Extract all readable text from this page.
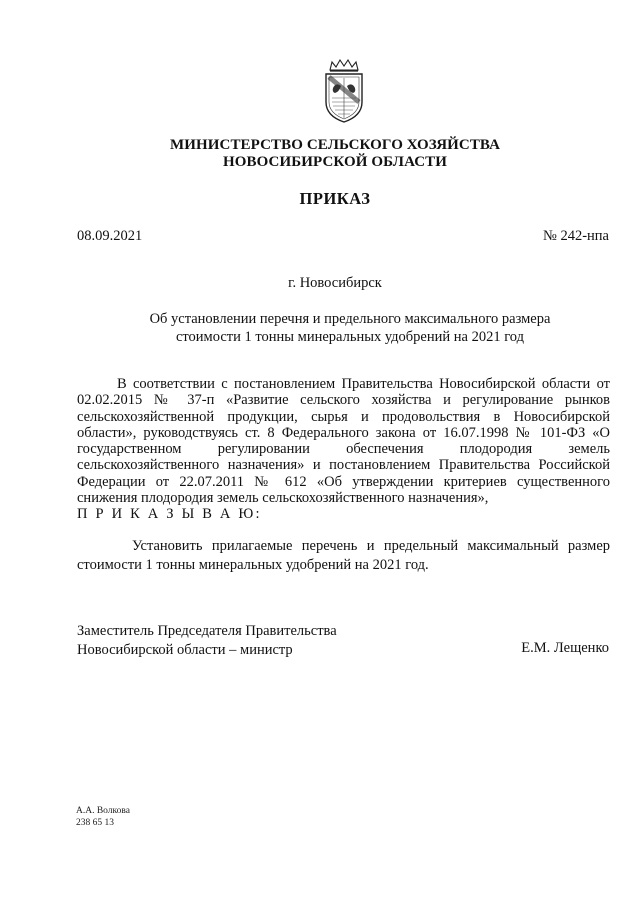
МИНИСТЕРСТВО СЕЛЬСКОГО ХОЗЯЙСТВА
НОВОСИБИРСКОЙ ОБЛАСТИ
ПРИКАЗ
08.09.2021	№ 242-нпа
г. Новосибирск
Об установлении перечня и предельного максимального размера
стоимости 1 тонны минеральных удобрений на 2021 год

В соответствии с постановлением Правительства Новосибирской области от 02.02.2015 № 37-п «Развитие сельского хозяйства и регулирование рынков сельскохозяйственной продукции, сырья и продовольствия в Новосибирской области», руководствуясь ст. 8 Федерального закона от 16.07.1998 № 101-ФЗ «О государственном регулировании обеспечения плодородия земель сельскохозяйственного назначения» и постановлением Правительства Российской Федерации от 22.07.2011 № 612 «Об утверждении критериев существенного снижения плодородия земель сельскохозяйственного назначения»,

П Р И К А З Ы В А Ю:

Установить прилагаемые перечень и предельный максимальный размер стоимости 1 тонны минеральных удобрений на 2021 год.

Заместитель Председателя Правительства
Новосибирской области – министр	Е.М. Лещенко
А.А. Волкова
238 65 13
